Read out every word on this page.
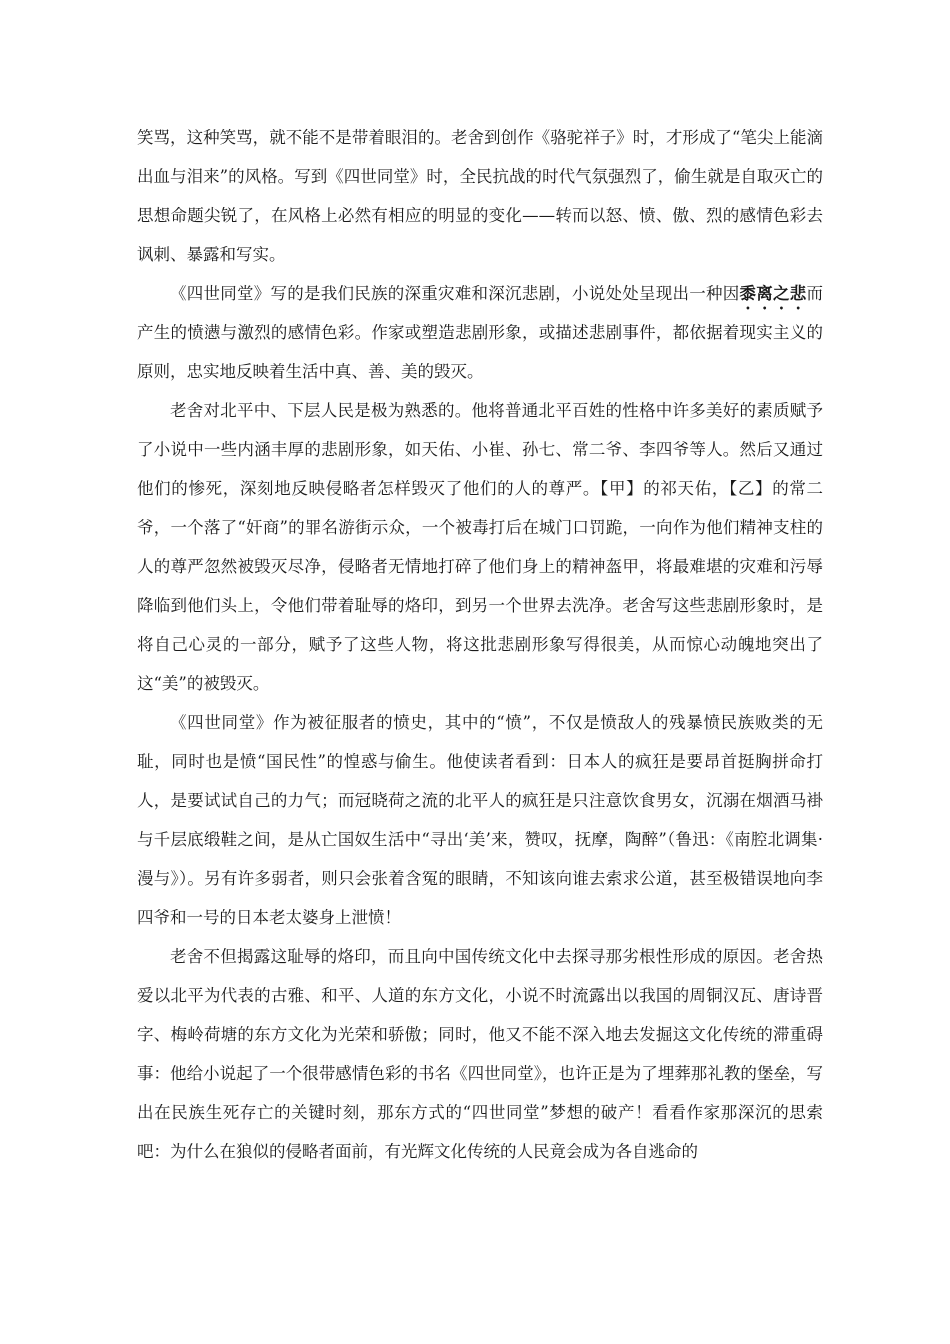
笑骂，这种笑骂，就不能不是带着眼泪的。老舍到创作《骆驼祥子》时，才形成了“笔尖上能滴出血与泪来”的风格。写到《四世同堂》时，全民抗战的时代气氛强烈了，偷生就是自取灭亡的思想命题尖锐了，在风格上必然有相应的明显的变化——转而以怒、愤、傲、烈的感情色彩去讽刺、暴露和写实。

《四世同堂》写的是我们民族的深重灾难和深沉悲剧，小说处处呈现出一种因黍离之悲而产生的愤懑与激烈的感情色彩。作家或塑造悲剧形象，或描述悲剧事件，都依据着现实主义的原则，忠实地反映着生活中真、善、美的毁灭。

老舍对北平中、下层人民是极为熟悉的。他将普通北平百姓的性格中许多美好的素质赋予了小说中一些内涵丰厚的悲剧形象，如天佑、小崔、孙七、常二爷、李四爷等人。然后又通过他们的惨死，深刻地反映侵略者怎样毁灭了他们的人的尊严。【甲】的祁天佑，【乙】的常二爷，一个落了“奸商”的罪名游街示众，一个被毒打后在城门口罚跪，一向作为他们精神支柱的人的尊严忽然被毁灭尽净，侵略者无情地打碎了他们身上的精神盔甲，将最难堪的灾难和污辱降临到他们头上，令他们带着耻辱的烙印，到另一个世界去洗净。老舍写这些悲剧形象时，是将自己心灵的一部分，赋予了这些人物，将这批悲剧形象写得很美，从而惊心动魄地突出了这“美”的被毁灭。

《四世同堂》作为被征服者的愤史，其中的“愤”，不仅是愤敌人的残暴愤民族败类的无耻，同时也是愤“国民性”的惶惑与偷生。他使读者看到：日本人的疯狂是要昂首挺胸拼命打人，是要试试自己的力气；而冠晓荷之流的北平人的疯狂是只注意饮食男女，沉溺在烟酒马褂与千层底缎鞋之间，是从亡国奴生活中“寻出‘美’来，赞叹，抚摩，陶醉”（鲁迅：《南腔北调集·漫与》）。另有许多弱者，则只会张着含冤的眼睛，不知该向谁去索求公道，甚至极错误地向李四爷和一号的日本老太婆身上泄愤！

老舍不但揭露这耻辱的烙印，而且向中国传统文化中去探寻那劣根性形成的原因。老舍热爱以北平为代表的古雅、和平、人道的东方文化，小说不时流露出以我国的周铜汉瓦、唐诗晋字、梅岭荷塘的东方文化为光荣和骄傲；同时，他又不能不深入地去发掘这文化传统的滞重碍事：他给小说起了一个很带感情色彩的书名《四世同堂》，也许正是为了埋葬那礼教的堡垒，写出在民族生死存亡的关键时刻，那东方式的“四世同堂”梦想的破产！看看作家那深沉的思索吧：为什么在狼似的侵略者面前，有光辉文化传统的人民竟会成为各自逃命的
